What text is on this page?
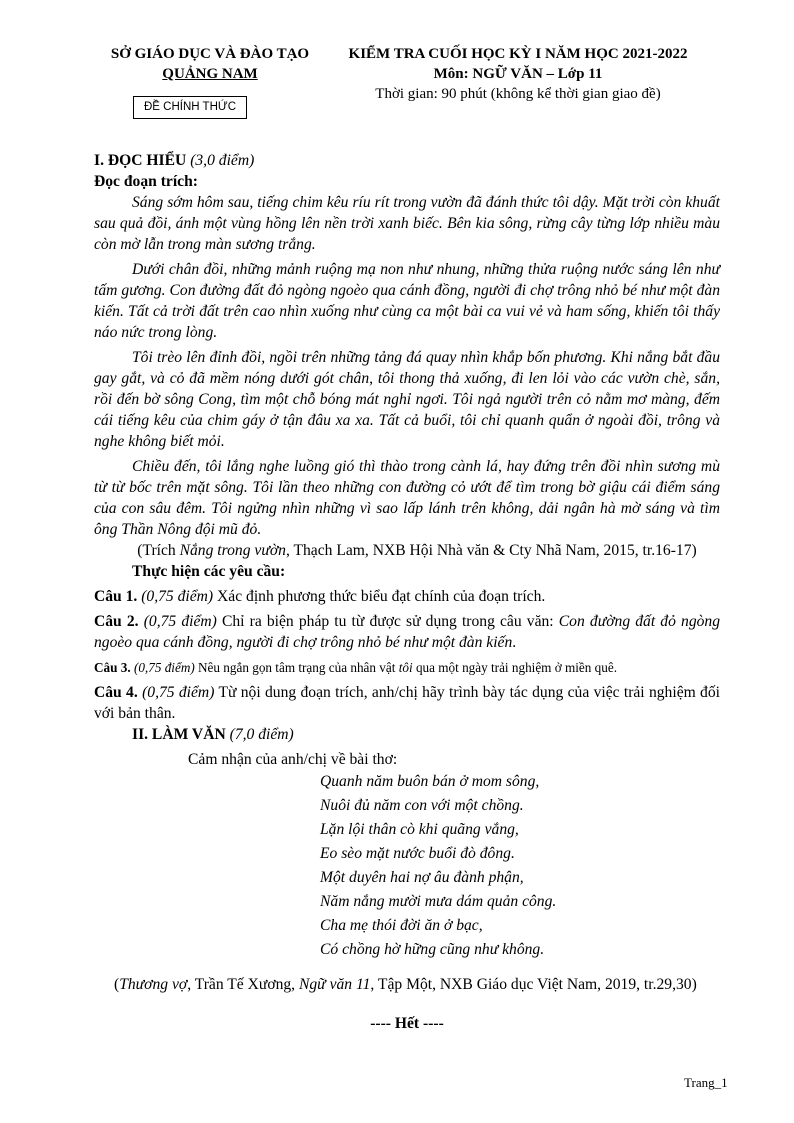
SỞ GIÁO DỤC VÀ ĐÀO TẠO
QUẢNG NAM
ĐỀ CHÍNH THỨC
KIỂM TRA CUỐI HỌC KỲ I NĂM HỌC 2021-2022
Môn: NGỮ VĂN – Lớp 11
Thời gian: 90 phút (không kể thời gian giao đề)

I. ĐỌC HIỂU (3,0 điểm)

Đọc đoạn trích:

Sáng sớm hôm sau, tiếng chim kêu ríu rít trong vườn đã đánh thức tôi dậy. Mặt trời còn khuất sau quả đồi, ánh một vùng hồng lên nền trời xanh biếc. Bên kia sông, rừng cây từng lớp nhiều màu còn mờ lẫn trong màn sương trắng.

Dưới chân đồi, những mảnh ruộng mạ non như nhung, những thửa ruộng nước sáng lên như tấm gương. Con đường đất đỏ ngòng ngoèo qua cánh đồng, người đi chợ trông nhỏ bé như một đàn kiến. Tất cả trời đất trên cao nhìn xuống như cùng ca một bài ca vui vẻ và ham sống, khiến tôi thấy náo nức trong lòng.

Tôi trèo lên đỉnh đồi, ngồi trên những tảng đá quay nhìn khắp bốn phương. Khi nắng bắt đầu gay gắt, và cỏ đã mềm nóng dưới gót chân, tôi thong thả xuống, đi len lỏi vào các vườn chè, sắn, rồi đến bờ sông Cong, tìm một chỗ bóng mát nghỉ ngơi. Tôi ngả người trên cỏ nằm mơ màng, đếm cái tiếng kêu của chim gáy ở tận đâu xa xa. Tất cả buổi, tôi chỉ quanh quẩn ở ngoài đồi, trông và nghe không biết mỏi.

Chiều đến, tôi lắng nghe luồng gió thì thào trong cành lá, hay đứng trên đồi nhìn sương mù từ từ bốc trên mặt sông. Tôi lần theo những con đường cỏ ướt để tìm trong bờ giậu cái điểm sáng của con sâu đêm. Tôi ngửng nhìn những vì sao lấp lánh trên không, dải ngân hà mờ sáng và tìm ông Thần Nông đội mũ đỏ.

(Trích Nắng trong vườn, Thạch Lam, NXB Hội Nhà văn & Cty Nhã Nam, 2015, tr.16-17)

Thực hiện các yêu cầu:

Câu 1. (0,75 điểm) Xác định phương thức biểu đạt chính của đoạn trích.

Câu 2. (0,75 điểm) Chỉ ra biện pháp tu từ được sử dụng trong câu văn: Con đường đất đỏ ngòng ngoèo qua cánh đồng, người đi chợ trông nhỏ bé như một đàn kiến.

Câu 3. (0,75 điểm) Nêu ngắn gọn tâm trạng của nhân vật tôi qua một ngày trải nghiệm ở miền quê.

Câu 4. (0,75 điểm) Từ nội dung đoạn trích, anh/chị hãy trình bày tác dụng của việc trải nghiệm đối với bản thân.

II. LÀM VĂN (7,0 điểm)

Cảm nhận của anh/chị về bài thơ:

Quanh năm buôn bán ở mom sông,
Nuôi đủ năm con với một chồng.
Lặn lội thân cò khi quãng vắng,
Eo sèo mặt nước buổi đò đông.
Một duyên hai nợ âu đành phận,
Năm nắng mười mưa dám quản công.
Cha mẹ thói đời ăn ở bạc,
Có chồng hờ hững cũng như không.

(Thương vợ, Trần Tế Xương, Ngữ văn 11, Tập Một, NXB Giáo dục Việt Nam, 2019, tr.29,30)

---- Hết ----

Trang_1
